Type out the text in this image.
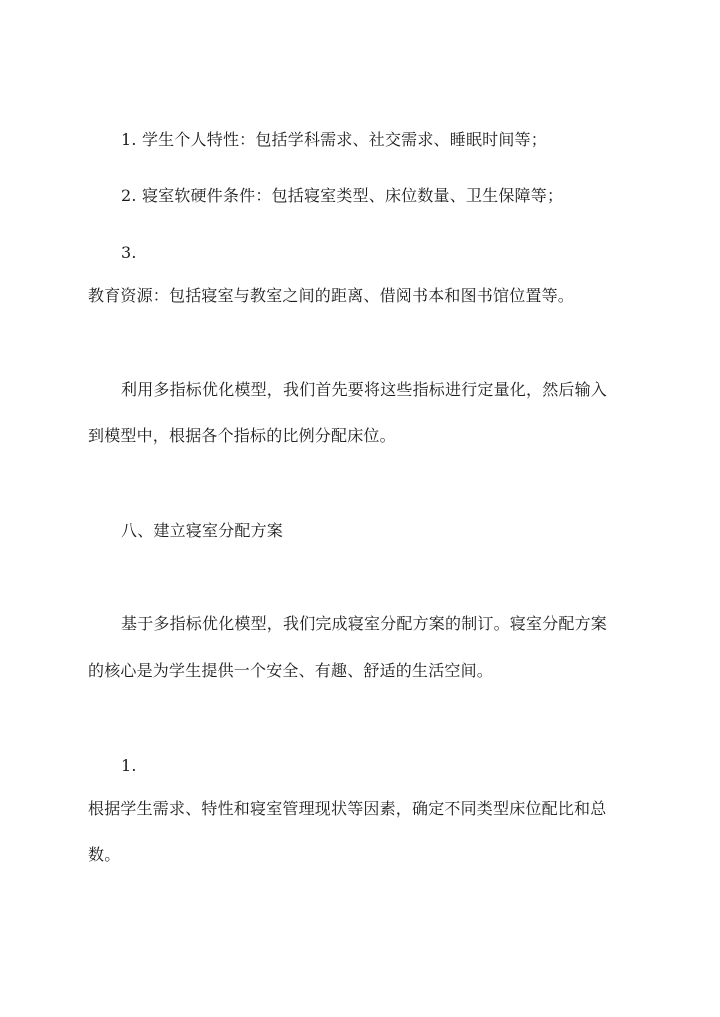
1. 学生个人特性：包括学科需求、社交需求、睡眠时间等；
2. 寝室软硬件条件：包括寝室类型、床位数量、卫生保障等；
3.
教育资源：包括寝室与教室之间的距离、借阅书本和图书馆位置等。
利用多指标优化模型，我们首先要将这些指标进行定量化，然后输入
到模型中，根据各个指标的比例分配床位。
八、建立寝室分配方案
基于多指标优化模型，我们完成寝室分配方案的制订。寝室分配方案
的核心是为学生提供一个安全、有趣、舒适的生活空间。
1.
根据学生需求、特性和寝室管理现状等因素，确定不同类型床位配比和总
数。
